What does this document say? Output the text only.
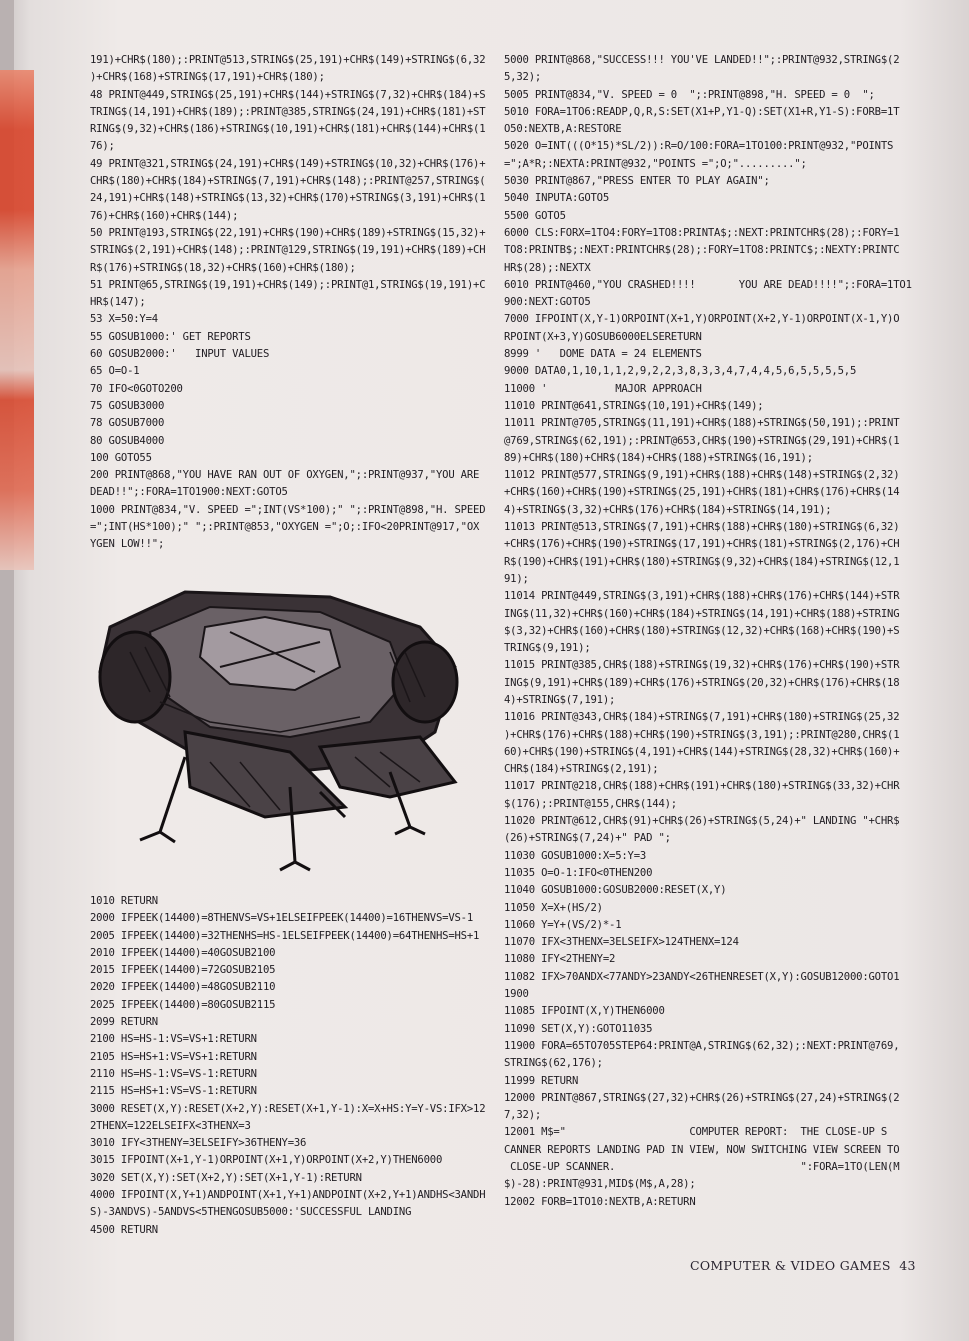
191)+CHR$(180);:PRINT@513,STRING$(25,191)+CHR$(149)+STRING$(6,32
)+CHR$(168)+STRING$(17,191)+CHR$(180);
48 PRINT@449,STRING$(25,191)+CHR$(144)+STRING$(7,32)+CHR$(184)+S
TRING$(14,191)+CHR$(189);:PRINT@385,STRING$(24,191)+CHR$(181)+ST
RING$(9,32)+CHR$(186)+STRING$(10,191)+CHR$(181)+CHR$(144)+CHR$(1
76);
49 PRINT@321,STRING$(24,191)+CHR$(149)+STRING$(10,32)+CHR$(176)+
CHR$(180)+CHR$(184)+STRING$(7,191)+CHR$(148);:PRINT@257,STRING$(
24,191)+CHR$(148)+STRING$(13,32)+CHR$(170)+STRING$(3,191)+CHR$(1
76)+CHR$(160)+CHR$(144);
50 PRINT@193,STRING$(22,191)+CHR$(190)+CHR$(189)+STRING$(15,32)+
STRING$(2,191)+CHR$(148);:PRINT@129,STRING$(19,191)+CHR$(189)+CH
R$(176)+STRING$(18,32)+CHR$(160)+CHR$(180);
51 PRINT@65,STRING$(19,191)+CHR$(149);:PRINT@1,STRING$(19,191)+C
HR$(147);
53 X=50:Y=4
55 GOSUB1000:' GET REPORTS
60 GOSUB2000:'   INPUT VALUES
65 O=O-1
70 IFO<0GOTO200
75 GOSUB3000
78 GOSUB7000
80 GOSUB4000
100 GOTO55
200 PRINT@868,"YOU HAVE RAN OUT OF OXYGEN,";:PRINT@937,"YOU ARE
DEAD!!";:FORA=1TO1900:NEXT:GOTO5
1000 PRINT@834,"V. SPEED =";INT(VS*100);" ";:PRINT@898,"H. SPEED
=";INT(HS*100);" ";:PRINT@853,"OXYGEN =";O;:IFO<20PRINT@917,"OX
YGEN LOW!!";
1010 RETURN
2000 IFPEEK(14400)=8THENVS=VS+1ELSEIFPEEK(14400)=16THENVS=VS-1
2005 IFPEEK(14400)=32THENHS=HS-1ELSEIFPEEK(14400)=64THENHS=HS+1
2010 IFPEEK(14400)=40GOSUB2100
2015 IFPEEK(14400)=72GOSUB2105
2020 IFPEEK(14400)=48GOSUB2110
2025 IFPEEK(14400)=80GOSUB2115
2099 RETURN
2100 HS=HS-1:VS=VS+1:RETURN
2105 HS=HS+1:VS=VS+1:RETURN
2110 HS=HS-1:VS=VS-1:RETURN
2115 HS=HS+1:VS=VS-1:RETURN
3000 RESET(X,Y):RESET(X+2,Y):RESET(X+1,Y-1):X=X+HS:Y=Y-VS:IFX>12
2THENX=122ELSEIFX<3THENX=3
3010 IFY<3THENY=3ELSEIFY>36THENY=36
3015 IFPOINT(X+1,Y-1)ORPOINT(X+1,Y)ORPOINT(X+2,Y)THEN6000
3020 SET(X,Y):SET(X+2,Y):SET(X+1,Y-1):RETURN
4000 IFPOINT(X,Y+1)ANDPOINT(X+1,Y+1)ANDPOINT(X+2,Y+1)ANDHS<3ANDH
S)-3ANDVS)-5ANDVS<5THENGOSUB5000:'SUCCESSFUL LANDING
4500 RETURN
5000 PRINT@868,"SUCCESS!!! YOU'VE LANDED!!";:PRINT@932,STRING$(2
5,32);
5005 PRINT@834,"V. SPEED = 0  ";:PRINT@898,"H. SPEED = 0  ";
5010 FORA=1TO6:READP,Q,R,S:SET(X1+P,Y1-Q):SET(X1+R,Y1-S):FORB=1T
O50:NEXTB,A:RESTORE
5020 O=INT(((O*15)*SL/2)):R=O/100:FORA=1TO100:PRINT@932,"POINTS
=";A*R;:NEXTA:PRINT@932,"POINTS =";O;".........";
5030 PRINT@867,"PRESS ENTER TO PLAY AGAIN";
5040 INPUTA:GOTO5
5500 GOTO5
6000 CLS:FORX=1TO4:FORY=1TO8:PRINTA$;:NEXT:PRINTCHR$(28);:FORY=1
TO8:PRINTB$;:NEXT:PRINTCHR$(28);:FORY=1TO8:PRINTC$;:NEXTY:PRINTC
HR$(28);:NEXTX
6010 PRINT@460,"YOU CRASHED!!!!       YOU ARE DEAD!!!!";:FORA=1TO1
900:NEXT:GOTO5
7000 IFPOINT(X,Y-1)ORPOINT(X+1,Y)ORPOINT(X+2,Y-1)ORPOINT(X-1,Y)O
RPOINT(X+3,Y)GOSUB6000ELSERETURN
8999 '   DOME DATA = 24 ELEMENTS
9000 DATA0,1,10,1,1,2,9,2,2,3,8,3,3,4,7,4,4,5,6,5,5,5,5,5
11000 '           MAJOR APPROACH
11010 PRINT@641,STRING$(10,191)+CHR$(149);
11011 PRINT@705,STRING$(11,191)+CHR$(188)+STRING$(50,191);:PRINT
@769,STRING$(62,191);:PRINT@653,CHR$(190)+STRING$(29,191)+CHR$(1
89)+CHR$(180)+CHR$(184)+CHR$(188)+STRING$(16,191);
11012 PRINT@577,STRING$(9,191)+CHR$(188)+CHR$(148)+STRING$(2,32)
+CHR$(160)+CHR$(190)+STRING$(25,191)+CHR$(181)+CHR$(176)+CHR$(14
4)+STRING$(3,32)+CHR$(176)+CHR$(184)+STRING$(14,191);
11013 PRINT@513,STRING$(7,191)+CHR$(188)+CHR$(180)+STRING$(6,32)
+CHR$(176)+CHR$(190)+STRING$(17,191)+CHR$(181)+STRING$(2,176)+CH
R$(190)+CHR$(191)+CHR$(180)+STRING$(9,32)+CHR$(184)+STRING$(12,1
91);
11014 PRINT@449,STRING$(3,191)+CHR$(188)+CHR$(176)+CHR$(144)+STR
ING$(11,32)+CHR$(160)+CHR$(184)+STRING$(14,191)+CHR$(188)+STRING
$(3,32)+CHR$(160)+CHR$(180)+STRING$(12,32)+CHR$(168)+CHR$(190)+S
TRING$(9,191);
11015 PRINT@385,CHR$(188)+STRING$(19,32)+CHR$(176)+CHR$(190)+STR
ING$(9,191)+CHR$(189)+CHR$(176)+STRING$(20,32)+CHR$(176)+CHR$(18
4)+STRING$(7,191);
11016 PRINT@343,CHR$(184)+STRING$(7,191)+CHR$(180)+STRING$(25,32
)+CHR$(176)+CHR$(188)+CHR$(190)+STRING$(3,191);:PRINT@280,CHR$(1
60)+CHR$(190)+STRING$(4,191)+CHR$(144)+STRING$(28,32)+CHR$(160)+
CHR$(184)+STRING$(2,191);
11017 PRINT@218,CHR$(188)+CHR$(191)+CHR$(180)+STRING$(33,32)+CHR
$(176);:PRINT@155,CHR$(144);
11020 PRINT@612,CHR$(91)+CHR$(26)+STRING$(5,24)+" LANDING "+CHR$
(26)+STRING$(7,24)+" PAD ";
11030 GOSUB1000:X=5:Y=3
11035 O=O-1:IFO<0THEN200
11040 GOSUB1000:GOSUB2000:RESET(X,Y)
11050 X=X+(HS/2)
11060 Y=Y+(VS/2)*-1
11070 IFX<3THENX=3ELSEIFX>124THENX=124
11080 IFY<2THENY=2
11082 IFX>70ANDX<77ANDY>23ANDY<26THENRESET(X,Y):GOSUB12000:GOTO1
1900
11085 IFPOINT(X,Y)THEN6000
11090 SET(X,Y):GOTO11035
11900 FORA=65TO705STEP64:PRINT@A,STRING$(62,32);:NEXT:PRINT@769,
STRING$(62,176);
11999 RETURN
12000 PRINT@867,STRING$(27,32)+CHR$(26)+STRING$(27,24)+STRING$(2
7,32);
12001 M$="                    COMPUTER REPORT:  THE CLOSE-UP S
CANNER REPORTS LANDING PAD IN VIEW, NOW SWITCHING VIEW SCREEN TO
CLOSE-UP SCANNER.                              ":FORA=1TO(LEN(M
$)-28):PRINT@931,MID$(M$,A,28);
12002 FORB=1TO10:NEXTB,A:RETURN
COMPUTER & VIDEO GAMES 43
